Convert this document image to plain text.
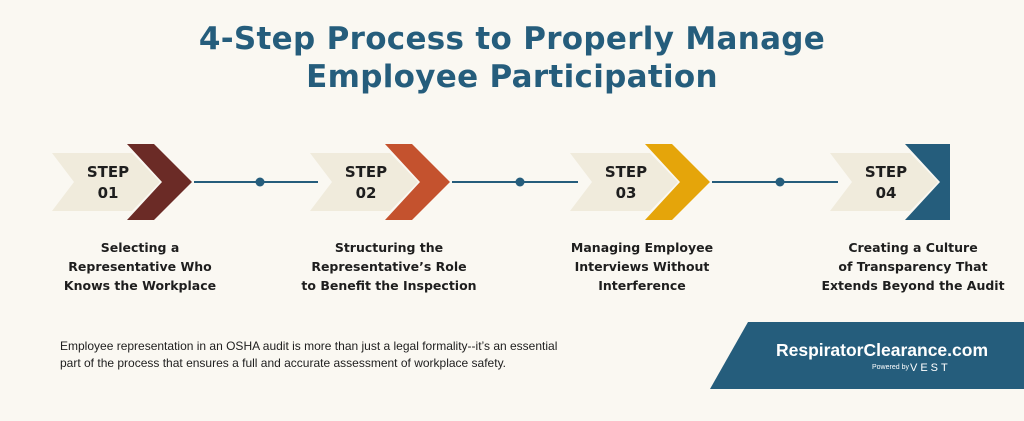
4-Step Process to Properly Manage
Employee Participation
STEP
01
STEP
02
STEP
03
STEP
04
Selecting a
Representative Who
Knows the Workplace
Structuring the
Representative’s Role
to Benefit the Inspection
Managing Employee
Interviews Without
Interference
Creating a Culture
of Transparency That
Extends Beyond the Audit
Employee representation in an OSHA audit is more than just a legal formality--it’s an essential
part of the process that ensures a full and accurate assessment of workplace safety.
RespiratorClearance.com
Powered by VEST
